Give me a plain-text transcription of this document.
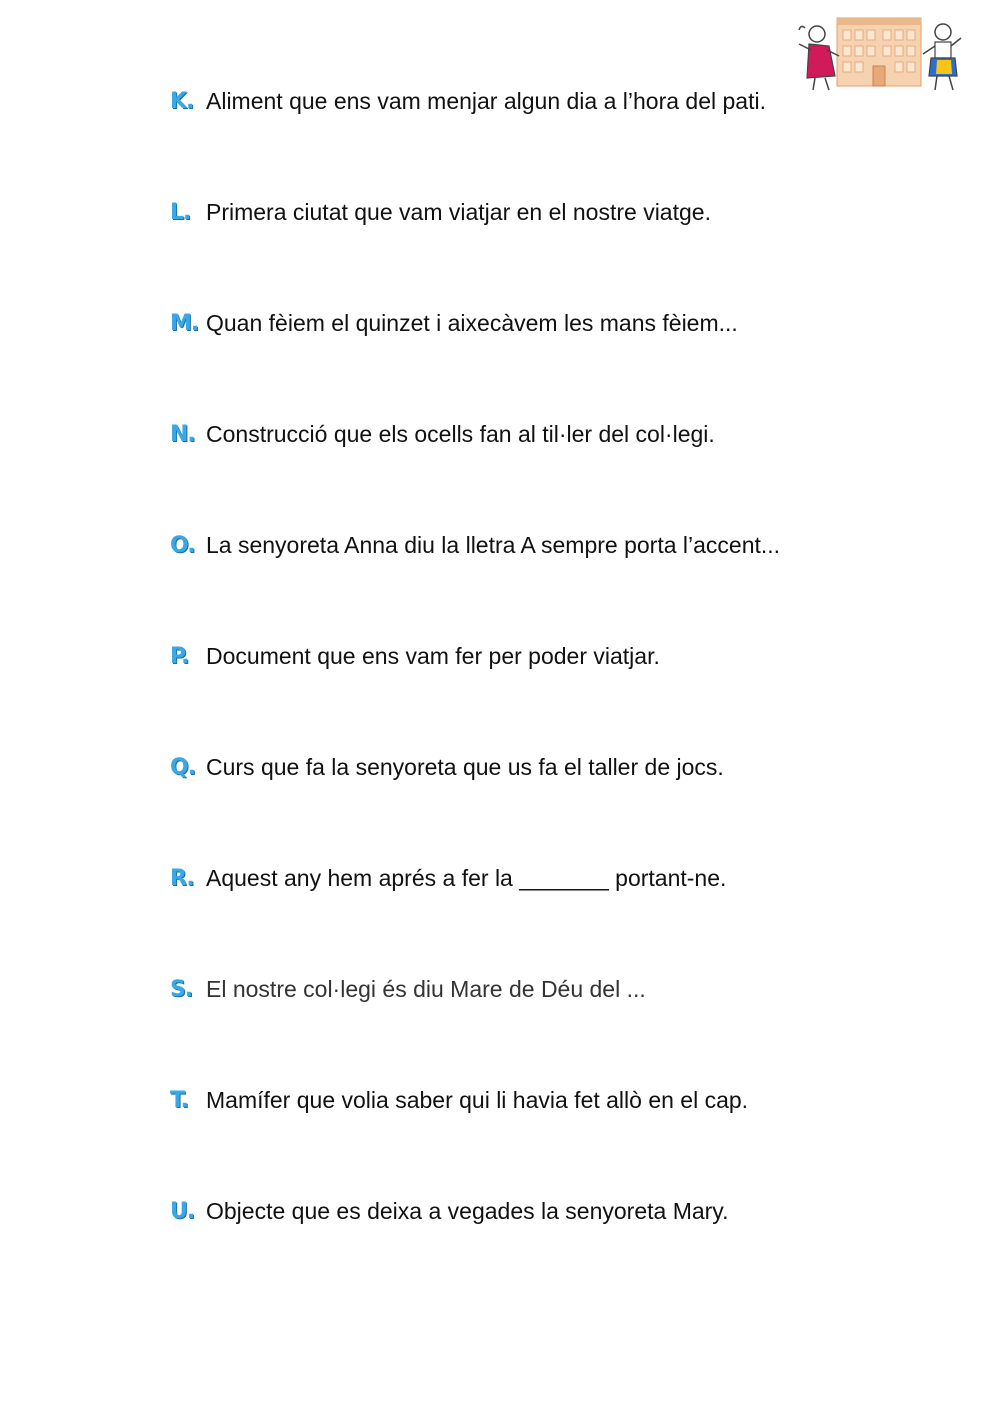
K. Aliment que ens vam menjar algun dia a l’hora del pati.
L. Primera ciutat que vam viatjar en el nostre viatge.
M. Quan fèiem el quinzet i aixecàvem les mans fèiem...
N. Construcció que els ocells fan al til·ler del col·legi.
O. La senyoreta Anna diu la lletra A sempre porta l’accent...
P. Document que ens vam fer per poder viatjar.
Q. Curs que fa la senyoreta que us fa el taller de jocs.
R. Aquest any hem aprés a fer la _______ portant-ne.
S. El nostre col·legi és diu Mare de Déu del ...
T. Mamífer que volia saber qui li havia fet allò en el cap.
U. Objecte que es deixa a vegades la senyoreta Mary.
